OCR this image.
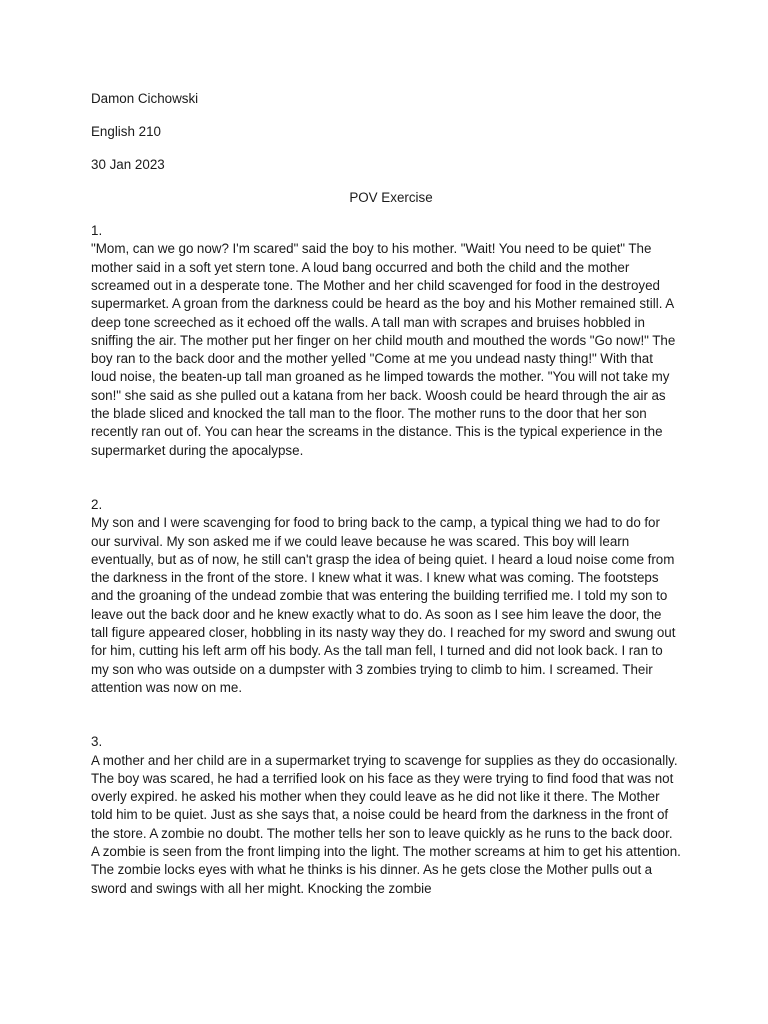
Damon Cichowski
English 210
30 Jan 2023
POV Exercise
1.
"Mom, can we go now? I'm scared" said the boy to his mother. "Wait! You need to be quiet" The mother said in a soft yet stern tone. A loud bang occurred and both the child and the mother screamed out in a desperate tone. The Mother and her child scavenged for food in the destroyed supermarket. A groan from the darkness could be heard as the boy and his Mother remained still. A deep tone screeched as it echoed off the walls. A tall man with scrapes and bruises hobbled in sniffing the air. The mother put her finger on her child mouth and mouthed the words "Go now!" The boy ran to the back door and the mother yelled "Come at me you undead nasty thing!" With that loud noise, the beaten-up tall man groaned as he limped towards the mother. "You will not take my son!" she said as she pulled out a katana from her back. Woosh could be heard through the air as the blade sliced and knocked the tall man to the floor. The mother runs to the door that her son recently ran out of. You can hear the screams in the distance. This is the typical experience in the supermarket during the apocalypse.
2.
My son and I were scavenging for food to bring back to the camp, a typical thing we had to do for our survival. My son asked me if we could leave because he was scared. This boy will learn eventually, but as of now, he still can't grasp the idea of being quiet. I heard a loud noise come from the darkness in the front of the store. I knew what it was. I knew what was coming. The footsteps and the groaning of the undead zombie that was entering the building terrified me. I told my son to leave out the back door and he knew exactly what to do. As soon as I see him leave the door, the tall figure appeared closer, hobbling in its nasty way they do. I reached for my sword and swung out for him, cutting his left arm off his body. As the tall man fell, I turned and did not look back. I ran to my son who was outside on a dumpster with 3 zombies trying to climb to him. I screamed. Their attention was now on me.
3.
A mother and her child are in a supermarket trying to scavenge for supplies as they do occasionally. The boy was scared, he had a terrified look on his face as they were trying to find food that was not overly expired. he asked his mother when they could leave as he did not like it there. The Mother told him to be quiet. Just as she says that, a noise could be heard from the darkness in the front of the store. A zombie no doubt. The mother tells her son to leave quickly as he runs to the back door. A zombie is seen from the front limping into the light. The mother screams at him to get his attention. The zombie locks eyes with what he thinks is his dinner. As he gets close the Mother pulls out a sword and swings with all her might. Knocking the zombie
